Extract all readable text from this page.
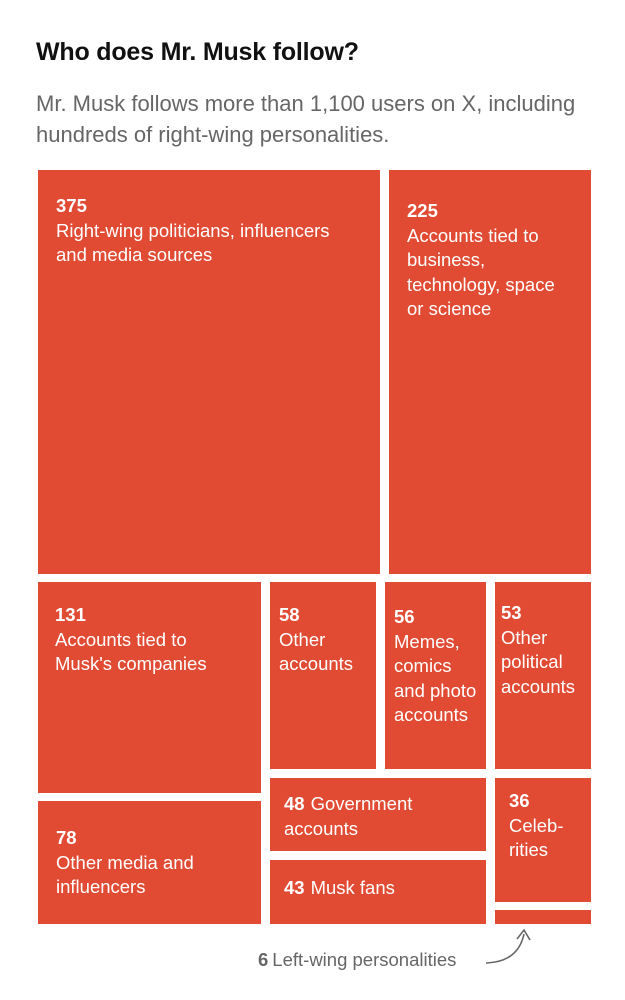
Who does Mr. Musk follow?

Mr. Musk follows more than 1,100 users on X, including hundreds of right-wing personalities.

375
Right-wing politicians, influencers and media sources
225
Accounts tied to business, technology, space or science
131
Accounts tied to Musk's companies
58
Other accounts
56
Memes, comics and photo accounts
53
Other political accounts
78
Other media and influencers
48 Government accounts
36
Celebrities
43 Musk fans
6 Left-wing personalities
